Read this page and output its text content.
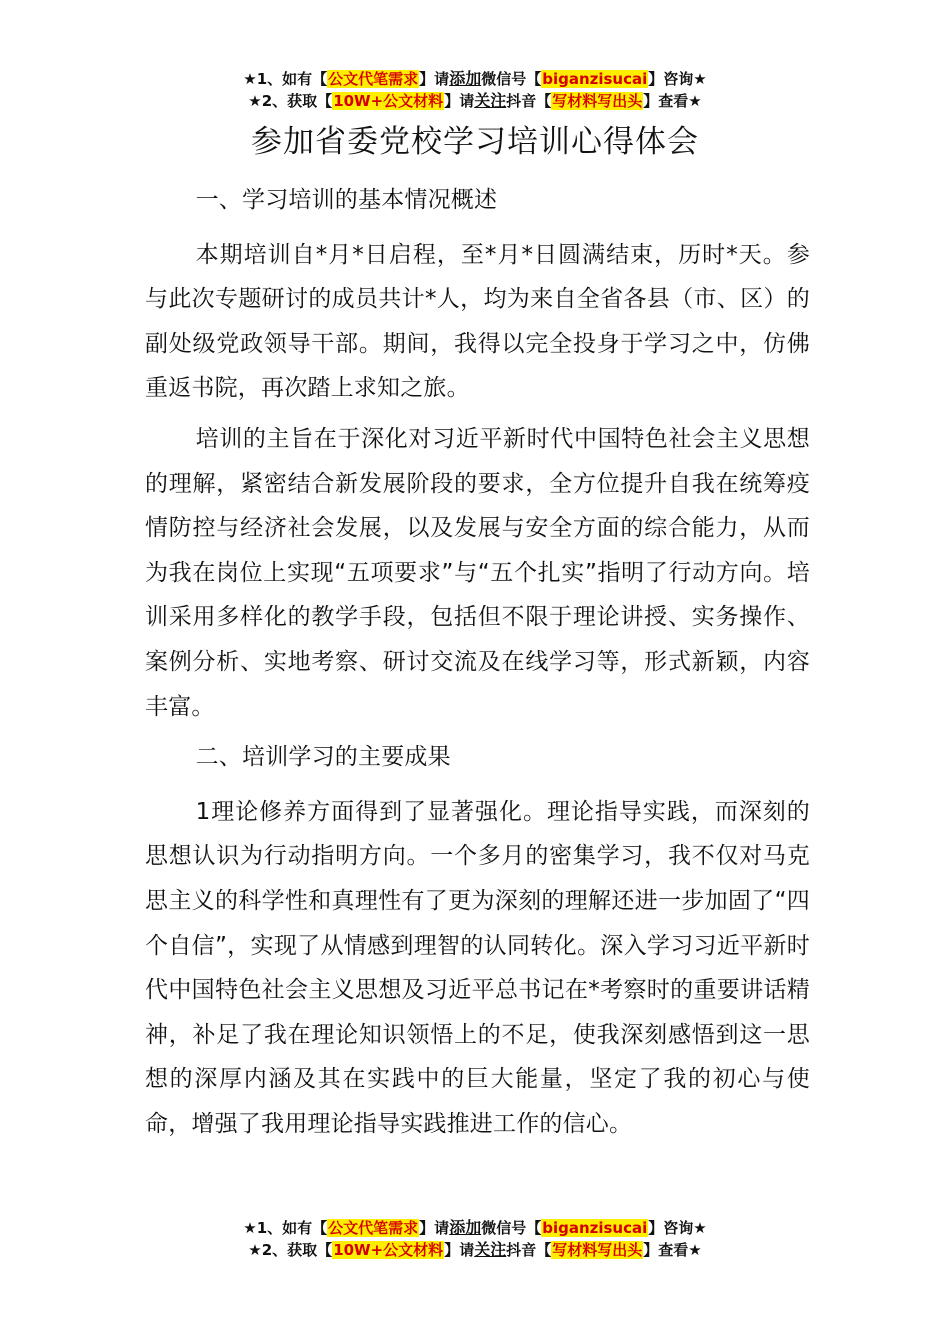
★1、如有【公文代笔需求】请添加微信号【biganzisucai】咨询★
★2、获取【10W+公文材料】请关注抖音【写材料写出头】查看★
参加省委党校学习培训心得体会

一、学习培训的基本情况概述

本期培训自*月*日启程，至*月*日圆满结束，历时*天。参与此次专题研讨的成员共计*人，均为来自全省各县（市、区）的副处级党政领导干部。期间，我得以完全投身于学习之中，仿佛重返书院，再次踏上求知之旅。

培训的主旨在于深化对习近平新时代中国特色社会主义思想的理解，紧密结合新发展阶段的要求，全方位提升自我在统筹疫情防控与经济社会发展，以及发展与安全方面的综合能力，从而为我在岗位上实现“五项要求”与“五个扎实”指明了行动方向。培训采用多样化的教学手段，包括但不限于理论讲授、实务操作、案例分析、实地考察、研讨交流及在线学习等，形式新颖，内容丰富。

二、培训学习的主要成果

1理论修养方面得到了显著强化。理论指导实践，而深刻的思想认识为行动指明方向。一个多月的密集学习，我不仅对马克思主义的科学性和真理性有了更为深刻的理解还进一步加固了“四个自信”，实现了从情感到理智的认同转化。深入学习习近平新时代中国特色社会主义思想及习近平总书记在*考察时的重要讲话精神，补足了我在理论知识领悟上的不足，使我深刻感悟到这一思想的深厚内涵及其在实践中的巨大能量，坚定了我的初心与使命，增强了我用理论指导实践推进工作的信心。

★1、如有【公文代笔需求】请添加微信号【biganzisucai】咨询★
★2、获取【10W+公文材料】请关注抖音【写材料写出头】查看★
